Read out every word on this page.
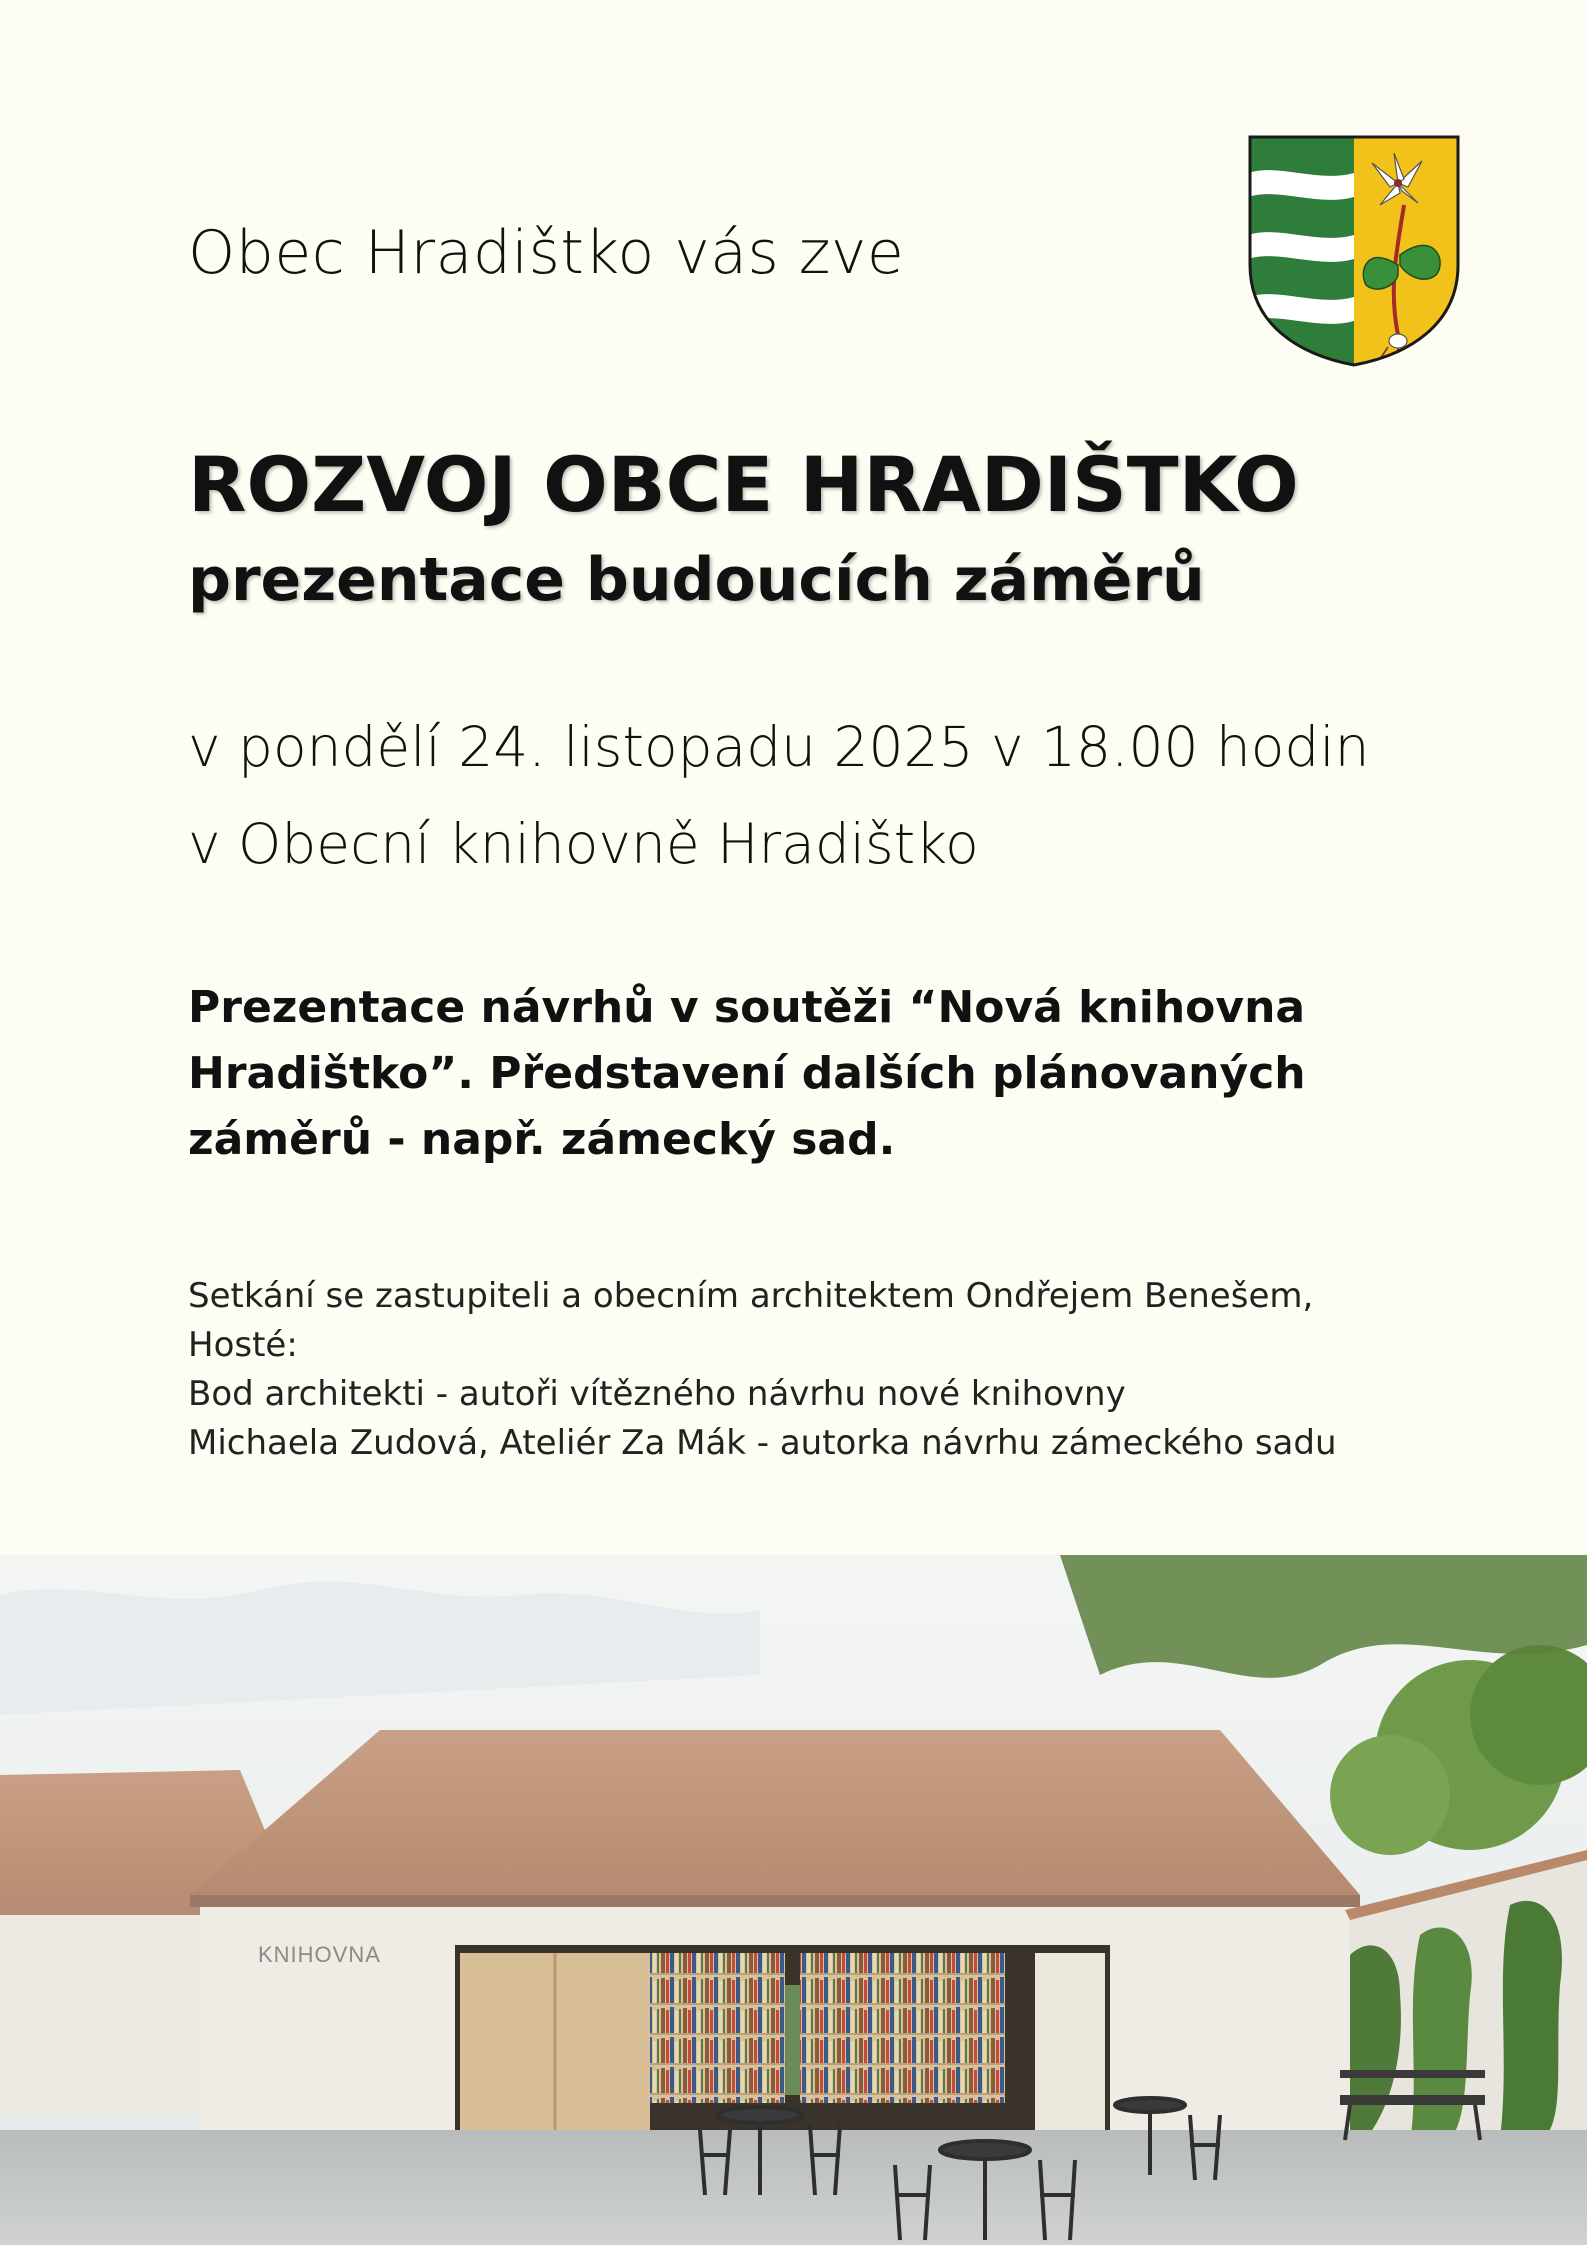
Obec Hradištko vás zve
ROZVOJ OBCE HRADIŠTKO
prezentace budoucích záměrů
v pondělí 24. listopadu 2025 v 18.00 hodin
v Obecní knihovně Hradištko
Prezentace návrhů v soutěži “Nová knihovna
Hradištko”. Představení dalších plánovaných
záměrů - např. zámecký sad.
Setkání se zastupiteli a obecním architektem Ondřejem Benešem,
Hosté:
Bod architekti - autoři vítězného návrhu nové knihovny
Michaela Zudová, Ateliér Za Mák - autorka návrhu zámeckého sadu
KNIHOVNA
